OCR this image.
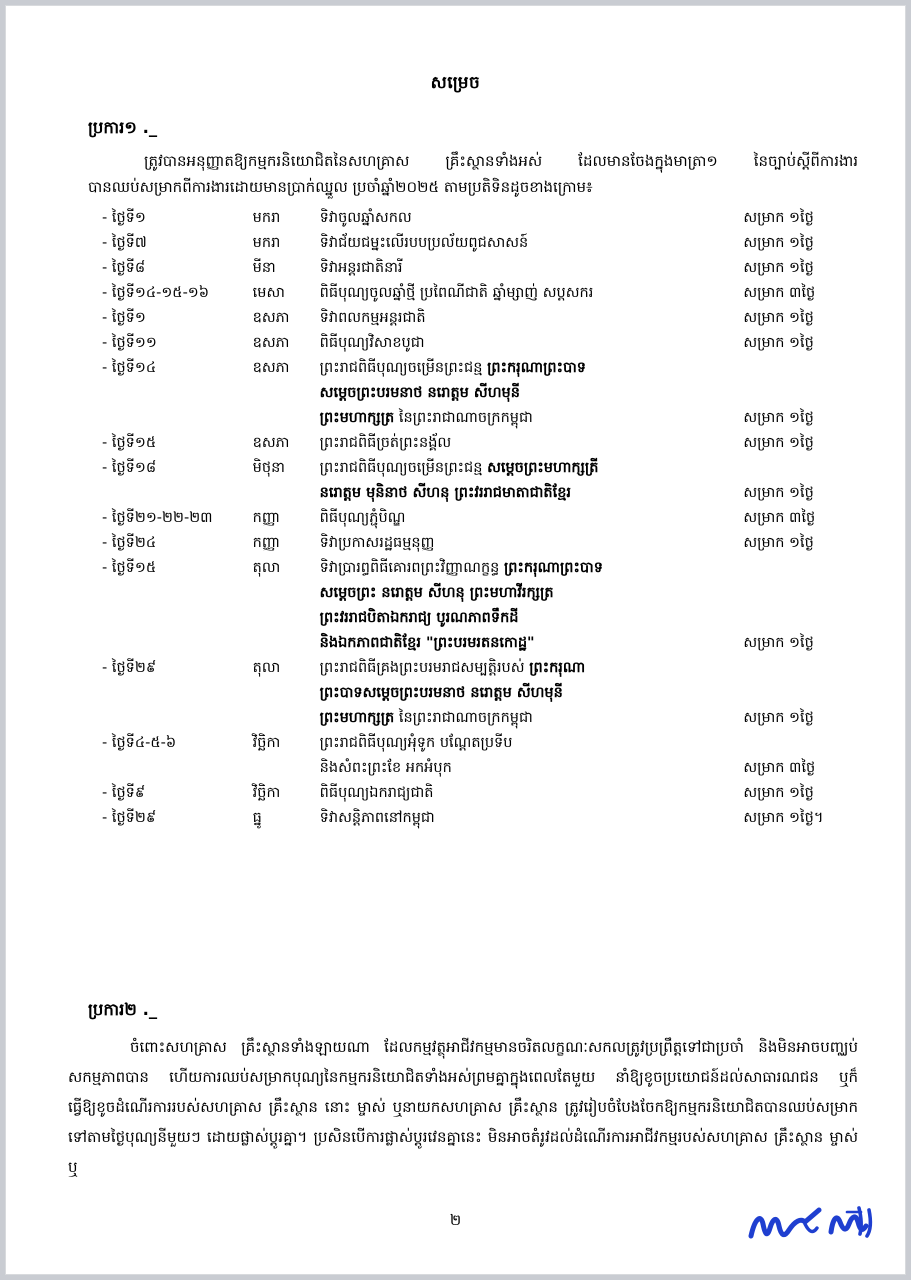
សម្រេច
ប្រការ១ ._
ត្រូវបានអនុញ្ញាតឱ្យកម្មករនិយោជិតនៃសហគ្រាស គ្រឹះស្ថានទាំងអស់ ដែលមានចែងក្នុងមាត្រា១ នៃច្បាប់ស្ដីពីការងារ បានឈប់សម្រាកពីការងារដោយមានប្រាក់ឈ្នួល ប្រចាំឆ្នាំ២០២៥ តាមប្រតិទិនដូចខាងក្រោម៖
- ថ្ងៃទី១	មករា	ទិវាចូលឆ្នាំសកល	សម្រាក ១ថ្ងៃ

- ថ្ងៃទី៧	មករា	ទិវាជ័យជម្នះលើរបបប្រល័យពូជសាសន៍	សម្រាក ១ថ្ងៃ

- ថ្ងៃទី៨	មីនា	ទិវាអន្តរជាតិនារី	សម្រាក ១ថ្ងៃ

- ថ្ងៃទី១៤-១៥-១៦	មេសា	ពិធីបុណ្យចូលឆ្នាំថ្មី ប្រពៃណីជាតិ ឆ្នាំម្សាញ់ សប្តសករ	សម្រាក ៣ថ្ងៃ

- ថ្ងៃទី១	ឧសភា	ទិវាពលកម្មអន្តរជាតិ	សម្រាក ១ថ្ងៃ

- ថ្ងៃទី១១	ឧសភា	ពិធីបុណ្យវិសាខបូជា	សម្រាក ១ថ្ងៃ

- ថ្ងៃទី១៤	ឧសភា	ព្រះរាជពិធីបុណ្យចម្រើនព្រះជន្ម ព្រះករុណាព្រះបាទ
សម្ដេចព្រះបរមនាថ នរោត្តម សីហមុនី
ព្រះមហាក្សត្រ នៃព្រះរាជាណាចក្រកម្ពុជា	សម្រាក ១ថ្ងៃ

- ថ្ងៃទី១៥	ឧសភា	ព្រះរាជពិធីច្រត់ព្រះនង្គ័ល	សម្រាក ១ថ្ងៃ

- ថ្ងៃទី១៨	មិថុនា	ព្រះរាជពិធីបុណ្យចម្រើនព្រះជន្ម សម្ដេចព្រះមហាក្សត្រី
នរោត្តម មុនិនាថ សីហនុ ព្រះវររាជមាតាជាតិខ្មែរ	សម្រាក ១ថ្ងៃ

- ថ្ងៃទី២១-២២-២៣	កញ្ញា	ពិធីបុណ្យភ្ជុំបិណ្ឌ	សម្រាក ៣ថ្ងៃ

- ថ្ងៃទី២៤	កញ្ញា	ទិវាប្រកាសរដ្ឋធម្មនុញ្ញ	សម្រាក ១ថ្ងៃ

- ថ្ងៃទី១៥	តុលា	ទិវាប្រារព្ធពិធីគោរពព្រះវិញ្ញាណក្ខន្ធ ព្រះករុណាព្រះបាទ
សម្ដេចព្រះ នរោត្តម សីហនុ ព្រះមហាវីរក្សត្រ
ព្រះវររាជបិតាឯករាជ្យ បូរណភាពទឹកដី
និងឯកភាពជាតិខ្មែរ "ព្រះបរមរតនកោដ្ឋ"	សម្រាក ១ថ្ងៃ

- ថ្ងៃទី២៩	តុលា	ព្រះរាជពិធីគ្រងព្រះបរមរាជសម្បត្តិរបស់ ព្រះករុណា
ព្រះបាទសម្ដេចព្រះបរមនាថ នរោត្តម សីហមុនី
ព្រះមហាក្សត្រ នៃព្រះរាជាណាចក្រកម្ពុជា	សម្រាក ១ថ្ងៃ

- ថ្ងៃទី៤-៥-៦	វិច្ឆិកា	ព្រះរាជពិធីបុណ្យអុំទូក បណ្ដែតប្រទីប
និងសំពះព្រះខែ អកអំបុក	សម្រាក ៣ថ្ងៃ

- ថ្ងៃទី៩	វិច្ឆិកា	ពិធីបុណ្យឯករាជ្យជាតិ	សម្រាក ១ថ្ងៃ

- ថ្ងៃទី២៩	ធ្នូ	ទិវាសន្តិភាពនៅកម្ពុជា	សម្រាក ១ថ្ងៃ។
ប្រការ២ ._
ចំពោះសហគ្រាស គ្រឹះស្ថានទាំងឡាយណា ដែលកម្មវត្ថុអាជីវកម្មមានចរិតលក្ខណៈសកលត្រូវប្រព្រឹត្តទៅជាប្រចាំ និងមិនអាចបញ្ឈប់សកម្មភាពបាន ហើយការឈប់សម្រាកបុណ្យនៃកម្មករនិយោជិតទាំងអស់ព្រមគ្នាក្នុងពេលតែមួយ នាំឱ្យខូចប្រយោជន៍ដល់សាធារណជន ឬក៏ធ្វើឱ្យខូចដំណើរការរបស់សហគ្រាស គ្រឹះស្ថាន នោះ ម្ចាស់ ឬនាយកសហគ្រាស គ្រឹះស្ថាន ត្រូវរៀបចំបែងចែកឱ្យកម្មករនិយោជិតបានឈប់សម្រាកទៅតាមថ្ងៃបុណ្យនីមួយៗ ដោយផ្លាស់ប្ដូរគ្នា។ ប្រសិនបើការផ្លាស់ប្ដូរវេនគ្នានេះ មិនអាចតំរូវដល់ដំណើរការអាជីវកម្មរបស់សហគ្រាស គ្រឹះស្ថាន ម្ចាស់ ឬ
២
